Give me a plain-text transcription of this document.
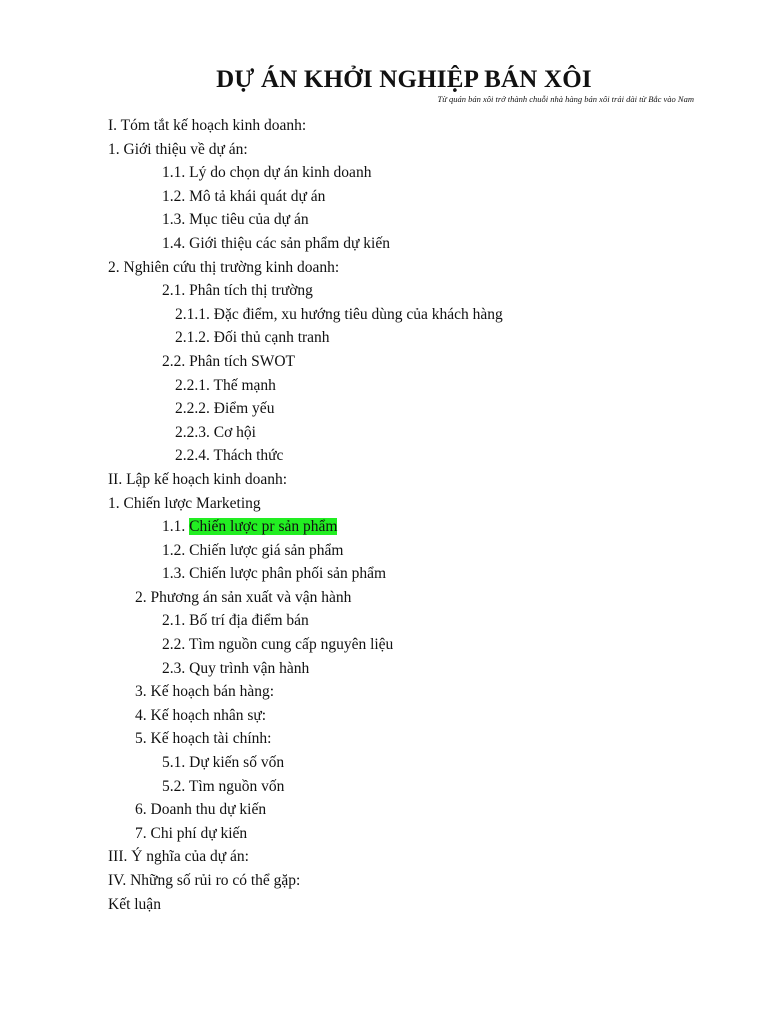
DỰ ÁN KHỞI NGHIỆP BÁN XÔI
Từ quán bán xôi trở thành chuỗi nhà hàng bán xôi trải dài từ Bắc vào Nam
I. Tóm tắt kế hoạch kinh doanh:
1. Giới thiệu về dự án:
1.1. Lý do chọn dự án kinh doanh
1.2. Mô tả khái quát dự án
1.3. Mục tiêu của dự án
1.4. Giới thiệu các sản phẩm dự kiến
2. Nghiên cứu thị trường kinh doanh:
2.1. Phân tích thị trường
2.1.1. Đặc điểm, xu hướng tiêu dùng của khách hàng
2.1.2. Đối thủ cạnh tranh
2.2. Phân tích SWOT
2.2.1. Thế mạnh
2.2.2. Điểm yếu
2.2.3. Cơ hội
2.2.4. Thách thức
II. Lập kế hoạch kinh doanh:
1. Chiến lược Marketing
1.1. Chiến lược pr sản phẩm
1.2. Chiến lược giá sản phẩm
1.3. Chiến lược phân phối sản phẩm
2. Phương án sản xuất và vận hành
2.1. Bố trí địa điểm bán
2.2. Tìm nguồn cung cấp nguyên liệu
2.3. Quy trình vận hành
3. Kế hoạch bán hàng:
4. Kế hoạch nhân sự:
5. Kế hoạch tài chính:
5.1. Dự kiến số vốn
5.2. Tìm nguồn vốn
6. Doanh thu dự kiến
7. Chi phí dự kiến
III. Ý nghĩa của dự án:
IV. Những số rủi ro có thể gặp:
Kết luận
